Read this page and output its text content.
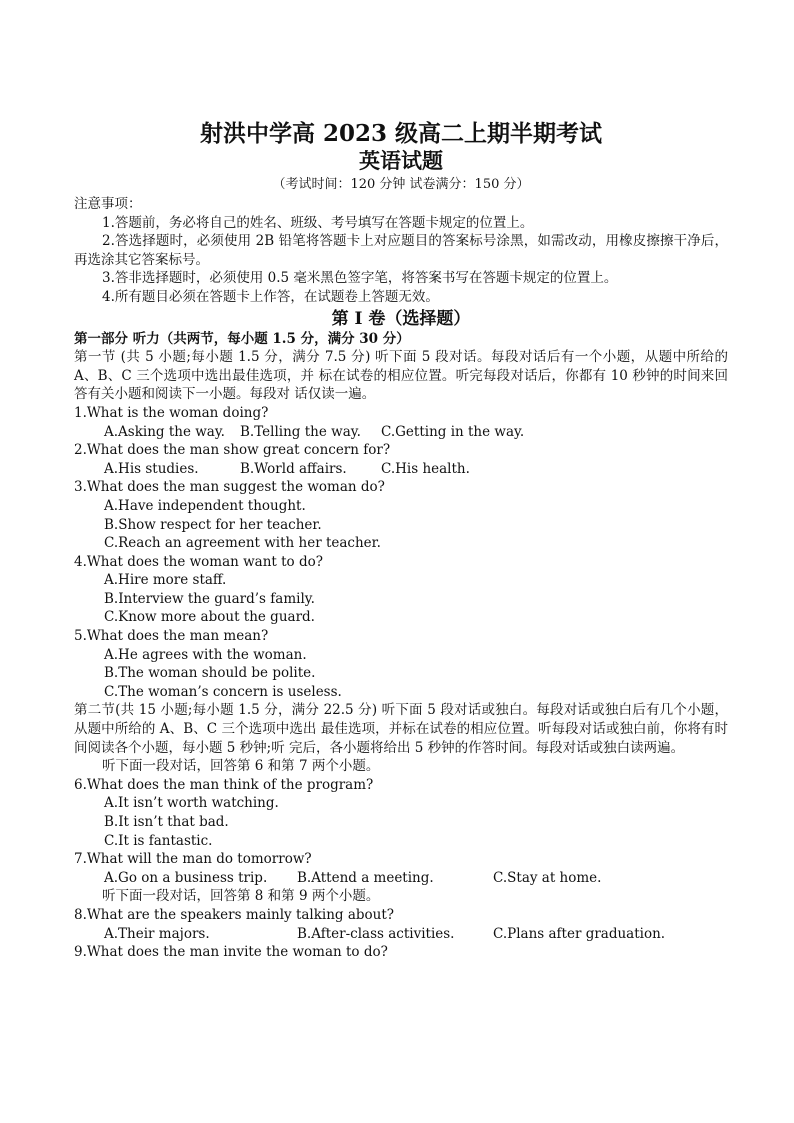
射洪中学高 2023 级高二上期半期考试
英语试题
（考试时间：120 分钟 试卷满分：150 分）
注意事项：
1.答题前，务必将自己的姓名、班级、考号填写在答题卡规定的位置上。
2.答选择题时，必须使用 2B 铅笔将答题卡上对应题目的答案标号涂黑，如需改动，用橡皮擦擦干净后，再选涂其它答案标号。
3.答非选择题时，必须使用 0.5 毫米黑色签字笔，将答案书写在答题卡规定的位置上。
4.所有题目必须在答题卡上作答，在试题卷上答题无效。
第 I 卷（选择题）
第一部分 听力（共两节，每小题 1.5 分，满分 30 分）
第一节 (共 5 小题;每小题 1.5 分，满分 7.5 分) 听下面 5 段对话。每段对话后有一个小题，从题中所给的 A、B、C 三个选项中选出最佳选项，并 标在试卷的相应位置。听完每段对话后，你都有 10 秒钟的时间来回答有关小题和阅读下一小题。每段对 话仅读一遍。
1.What is the woman doing?
A.Asking the way.	B.Telling the way.	C.Getting in the way.
2.What does the man show great concern for?
A.His studies.	B.World affairs.	C.His health.
3.What does the man suggest the woman do?
A.Have independent thought.
B.Show respect for her teacher.
C.Reach an agreement with her teacher.
4.What does the woman want to do?
A.Hire more staff.
B.Interview the guard’s family.
C.Know more about the guard.
5.What does the man mean?
A.He agrees with the woman.
B.The woman should be polite.
C.The woman’s concern is useless.
第二节(共 15 小题;每小题 1.5 分，满分 22.5 分) 听下面 5 段对话或独白。每段对话或独白后有几个小题，从题中所给的 A、B、C 三个选项中选出 最佳选项，并标在试卷的相应位置。听每段对话或独白前，你将有时间阅读各个小题，每小题 5 秒钟;听 完后，各小题将给出 5 秒钟的作答时间。每段对话或独白读两遍。
听下面一段对话，回答第 6 和第 7 两个小题。
6.What does the man think of the program?
A.It isn’t worth watching.
B.It isn’t that bad.
C.It is fantastic.
7.What will the man do tomorrow?
A.Go on a business trip.	B.Attend a meeting.	C.Stay at home.
听下面一段对话，回答第 8 和第 9 两个小题。
8.What are the speakers mainly talking about?
A.Their majors.	B.After-class activities.	C.Plans after graduation.
9.What does the man invite the woman to do?
